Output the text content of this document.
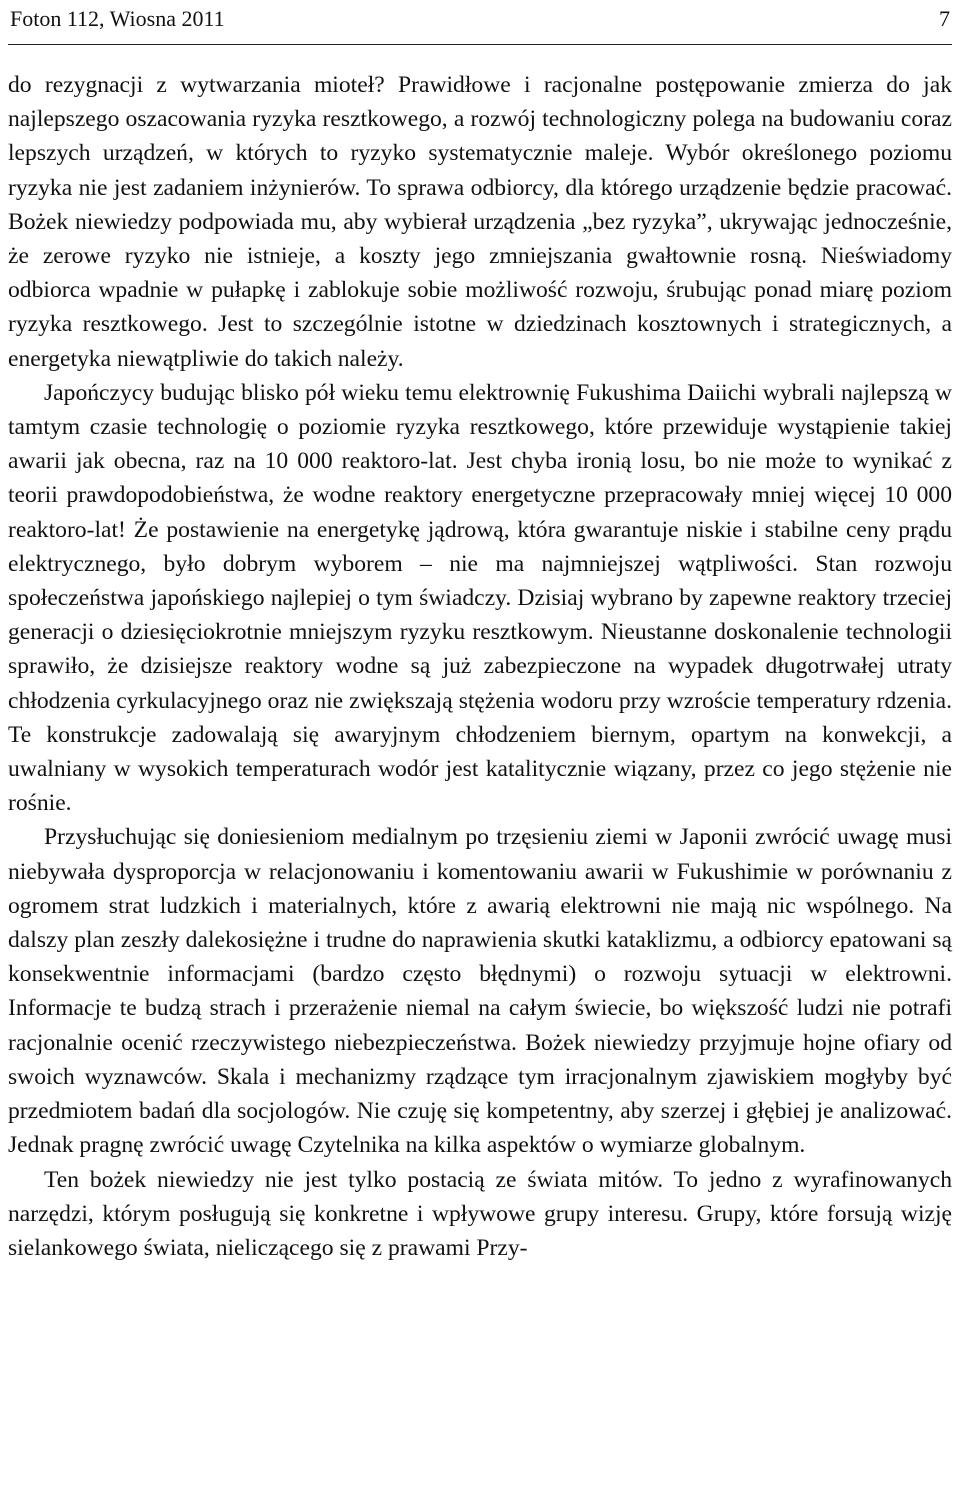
Foton 112, Wiosna 2011	7

do rezygnacji z wytwarzania mioteł? Prawidłowe i racjonalne postępowanie zmierza do jak najlepszego oszacowania ryzyka resztkowego, a rozwój technologiczny polega na budowaniu coraz lepszych urządzeń, w których to ryzyko systematycznie maleje. Wybór określonego poziomu ryzyka nie jest zadaniem inżynierów. To sprawa odbiorcy, dla którego urządzenie będzie pracować. Bożek niewiedzy podpowiada mu, aby wybierał urządzenia „bez ryzyka”, ukrywając jednocześnie, że zerowe ryzyko nie istnieje, a koszty jego zmniejszania gwałtownie rosną. Nieświadomy odbiorca wpadnie w pułapkę i zablokuje sobie możliwość rozwoju, śrubując ponad miarę poziom ryzyka resztkowego. Jest to szczególnie istotne w dziedzinach kosztownych i strategicznych, a energetyka niewątpliwie do takich należy.

Japończycy budując blisko pół wieku temu elektrownię Fukushima Daiichi wybrali najlepszą w tamtym czasie technologię o poziomie ryzyka resztkowego, które przewiduje wystąpienie takiej awarii jak obecna, raz na 10 000 reaktoro-lat. Jest chyba ironią losu, bo nie może to wynikać z teorii prawdopodobieństwa, że wodne reaktory energetyczne przepracowały mniej więcej 10 000 reaktoro-lat! Że postawienie na energetykę jądrową, która gwarantuje niskie i stabilne ceny prądu elektrycznego, było dobrym wyborem – nie ma najmniejszej wątpliwości. Stan rozwoju społeczeństwa japońskiego najlepiej o tym świadczy. Dzisiaj wybrano by zapewne reaktory trzeciej generacji o dziesięciokrotnie mniejszym ryzyku resztkowym. Nieustanne doskonalenie technologii sprawiło, że dzisiejsze reaktory wodne są już zabezpieczone na wypadek długotrwałej utraty chłodzenia cyrkulacyjnego oraz nie zwiększają stężenia wodoru przy wzroście temperatury rdzenia. Te konstrukcje zadowalają się awaryjnym chłodzeniem biernym, opartym na konwekcji, a uwalniany w wysokich temperaturach wodór jest katalitycznie wiązany, przez co jego stężenie nie rośnie.

Przysłuchując się doniesieniom medialnym po trzęsieniu ziemi w Japonii zwrócić uwagę musi niebywała dysproporcja w relacjonowaniu i komentowaniu awarii w Fukushimie w porównaniu z ogromem strat ludzkich i materialnych, które z awarią elektrowni nie mają nic wspólnego. Na dalszy plan zeszły dalekosiężne i trudne do naprawienia skutki kataklizmu, a odbiorcy epatowani są konsekwentnie informacjami (bardzo często błędnymi) o rozwoju sytuacji w elektrowni. Informacje te budzą strach i przerażenie niemal na całym świecie, bo większość ludzi nie potrafi racjonalnie ocenić rzeczywistego niebezpieczeństwa. Bożek niewiedzy przyjmuje hojne ofiary od swoich wyznawców. Skala i mechanizmy rządzące tym irracjonalnym zjawiskiem mogłyby być przedmiotem badań dla socjologów. Nie czuję się kompetentny, aby szerzej i głębiej je analizować. Jednak pragnę zwrócić uwagę Czytelnika na kilka aspektów o wymiarze globalnym.

Ten bożek niewiedzy nie jest tylko postacią ze świata mitów. To jedno z wyrafinowanych narzędzi, którym posługują się konkretne i wpływowe grupy interesu. Grupy, które forsują wizję sielankowego świata, nieliczącego się z prawami Przy-
